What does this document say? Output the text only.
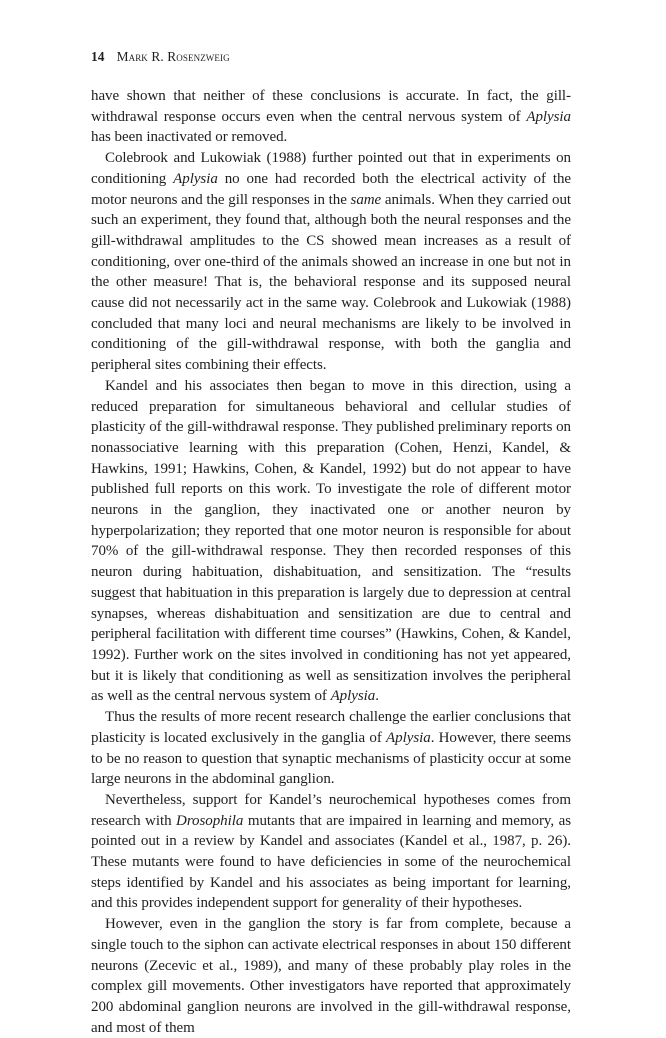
14 Mark R. Rosenzweig

have shown that neither of these conclusions is accurate. In fact, the gill-withdrawal response occurs even when the central nervous system of Aplysia has been inactivated or removed.

Colebrook and Lukowiak (1988) further pointed out that in experiments on conditioning Aplysia no one had recorded both the electrical activity of the motor neurons and the gill responses in the same animals. When they carried out such an experiment, they found that, although both the neural responses and the gill-withdrawal amplitudes to the CS showed mean increases as a result of conditioning, over one-third of the animals showed an increase in one but not in the other measure! That is, the behavioral response and its supposed neural cause did not necessarily act in the same way. Colebrook and Lukowiak (1988) concluded that many loci and neural mechanisms are likely to be involved in conditioning of the gill-withdrawal response, with both the ganglia and peripheral sites combining their effects.

Kandel and his associates then began to move in this direction, using a reduced preparation for simultaneous behavioral and cellular studies of plasticity of the gill-withdrawal response. They published preliminary reports on nonassociative learning with this preparation (Cohen, Henzi, Kandel, & Hawkins, 1991; Hawkins, Cohen, & Kandel, 1992) but do not appear to have published full reports on this work. To investigate the role of different motor neurons in the ganglion, they inactivated one or another neuron by hyperpolarization; they reported that one motor neuron is responsible for about 70% of the gill-withdrawal response. They then recorded responses of this neuron during habituation, dishabituation, and sensitization. The “results suggest that habituation in this preparation is largely due to depression at central synapses, whereas dishabituation and sensitization are due to central and peripheral facilitation with different time courses” (Hawkins, Cohen, & Kandel, 1992). Further work on the sites involved in conditioning has not yet appeared, but it is likely that conditioning as well as sensitization involves the peripheral as well as the central nervous system of Aplysia.

Thus the results of more recent research challenge the earlier conclusions that plasticity is located exclusively in the ganglia of Aplysia. However, there seems to be no reason to question that synaptic mechanisms of plasticity occur at some large neurons in the abdominal ganglion.

Nevertheless, support for Kandel’s neurochemical hypotheses comes from research with Drosophila mutants that are impaired in learning and memory, as pointed out in a review by Kandel and associates (Kandel et al., 1987, p. 26). These mutants were found to have deficiencies in some of the neurochemical steps identified by Kandel and his associates as being important for learning, and this provides independent support for generality of their hypotheses.

However, even in the ganglion the story is far from complete, because a single touch to the siphon can activate electrical responses in about 150 different neurons (Zecevic et al., 1989), and many of these probably play roles in the complex gill movements. Other investigators have reported that approximately 200 abdominal ganglion neurons are involved in the gill-withdrawal response, and most of them
